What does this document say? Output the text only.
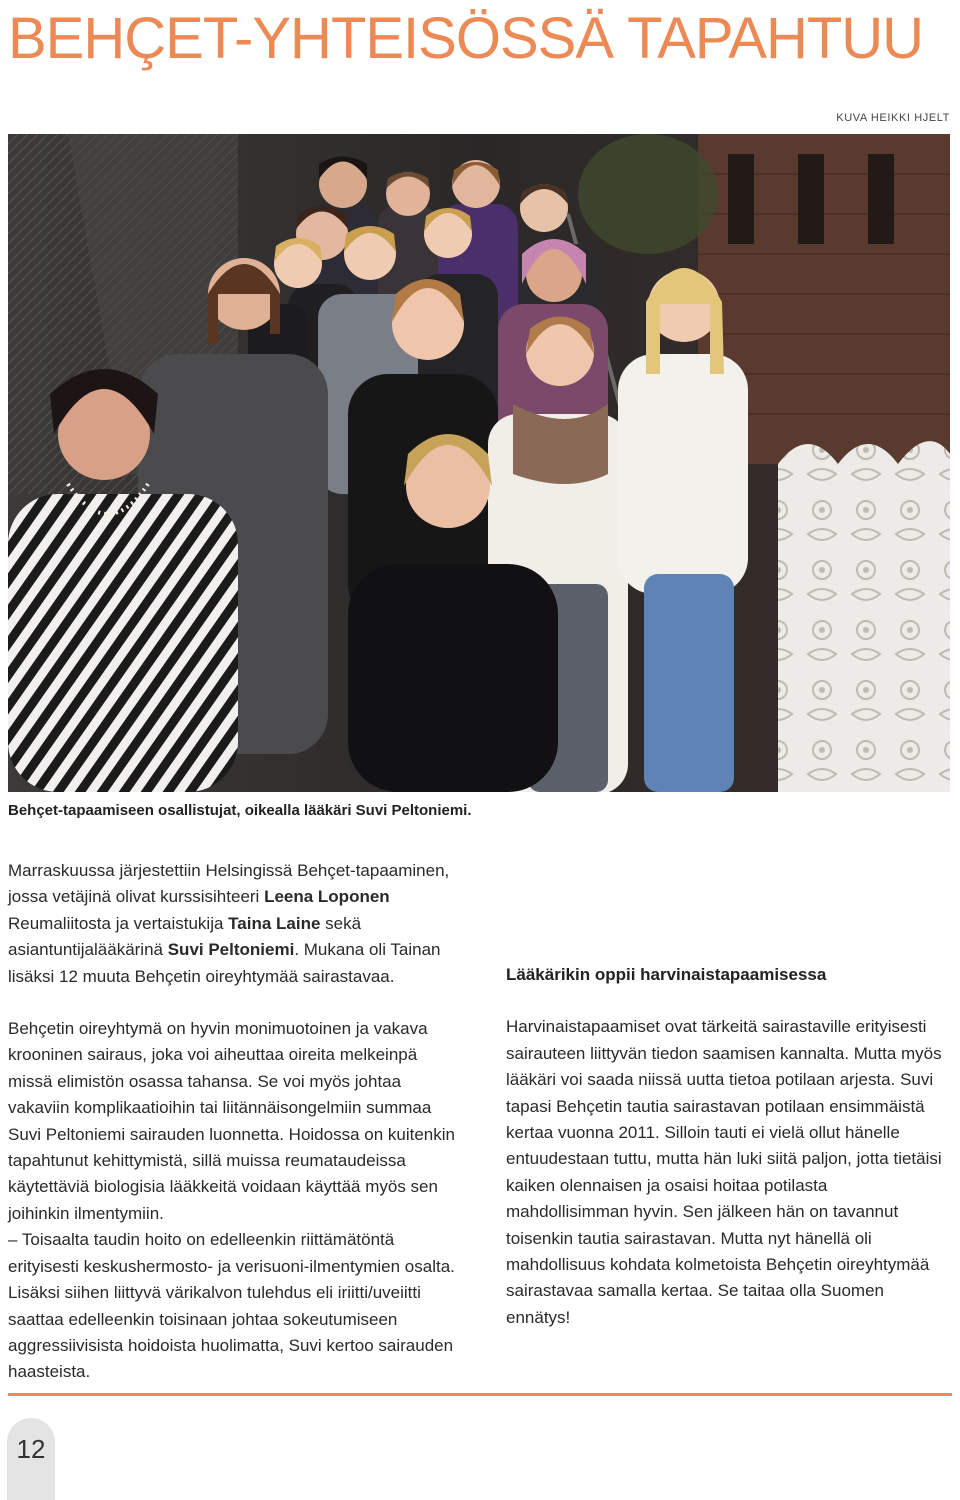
BEHÇET-YHTEISÖSSÄ TAPAHTUU
KUVA HEIKKI HJELT

Behçet-tapaamiseen osallistujat, oikealla lääkäri Suvi Peltoniemi.

Marraskuussa järjestettiin Helsingissä Behçet-tapaaminen, jossa vetäjinä olivat kurssisihteeri Leena Loponen Reumaliitosta ja vertaistukija Taina Laine sekä asiantuntijalääkärinä Suvi Peltoniemi. Mukana oli Tainan lisäksi 12 muuta Behçetin oireyhtymää sairastavaa.

Behçetin oireyhtymä on hyvin monimuotoinen ja vakava krooninen sairaus, joka voi aiheuttaa oireita melkeinpä missä elimistön osassa tahansa. Se voi myös johtaa vakaviin komplikaatioihin tai liitännäisongelmiin summaa Suvi Peltoniemi sairauden luonnetta. Hoidossa on kuitenkin tapahtunut kehittymistä, sillä muissa reumataudeissa käytettäviä biologisia lääkkeitä voidaan käyttää myös sen joihinkin ilmentymiin.

– Toisaalta taudin hoito on edelleenkin riittämätöntä erityisesti keskushermosto- ja verisuoni-ilmentymien osalta. Lisäksi siihen liittyvä värikalvon tulehdus eli iriitti/uveiitti saattaa edelleenkin toisinaan johtaa sokeutumiseen aggressiivisista hoidoista huolimatta, Suvi kertoo sairauden haasteista.

Lääkärikin oppii harvinaistapaamisessa

Harvinaistapaamiset ovat tärkeitä sairastaville erityisesti sairauteen liittyvän tiedon saamisen kannalta. Mutta myös lääkäri voi saada niissä uutta tietoa potilaan arjesta. Suvi tapasi Behçetin tautia sairastavan potilaan ensimmäistä kertaa vuonna 2011. Silloin tauti ei vielä ollut hänelle entuudestaan tuttu, mutta hän luki siitä paljon, jotta tietäisi kaiken olennaisen ja osaisi hoitaa potilasta mahdollisimman hyvin. Sen jälkeen hän on tavannut toisenkin tautia sairastavan. Mutta nyt hänellä oli mahdollisuus kohdata kolmetoista Behçetin oireyhtymää sairastavaa samalla kertaa. Se taitaa olla Suomen ennätys!

12
